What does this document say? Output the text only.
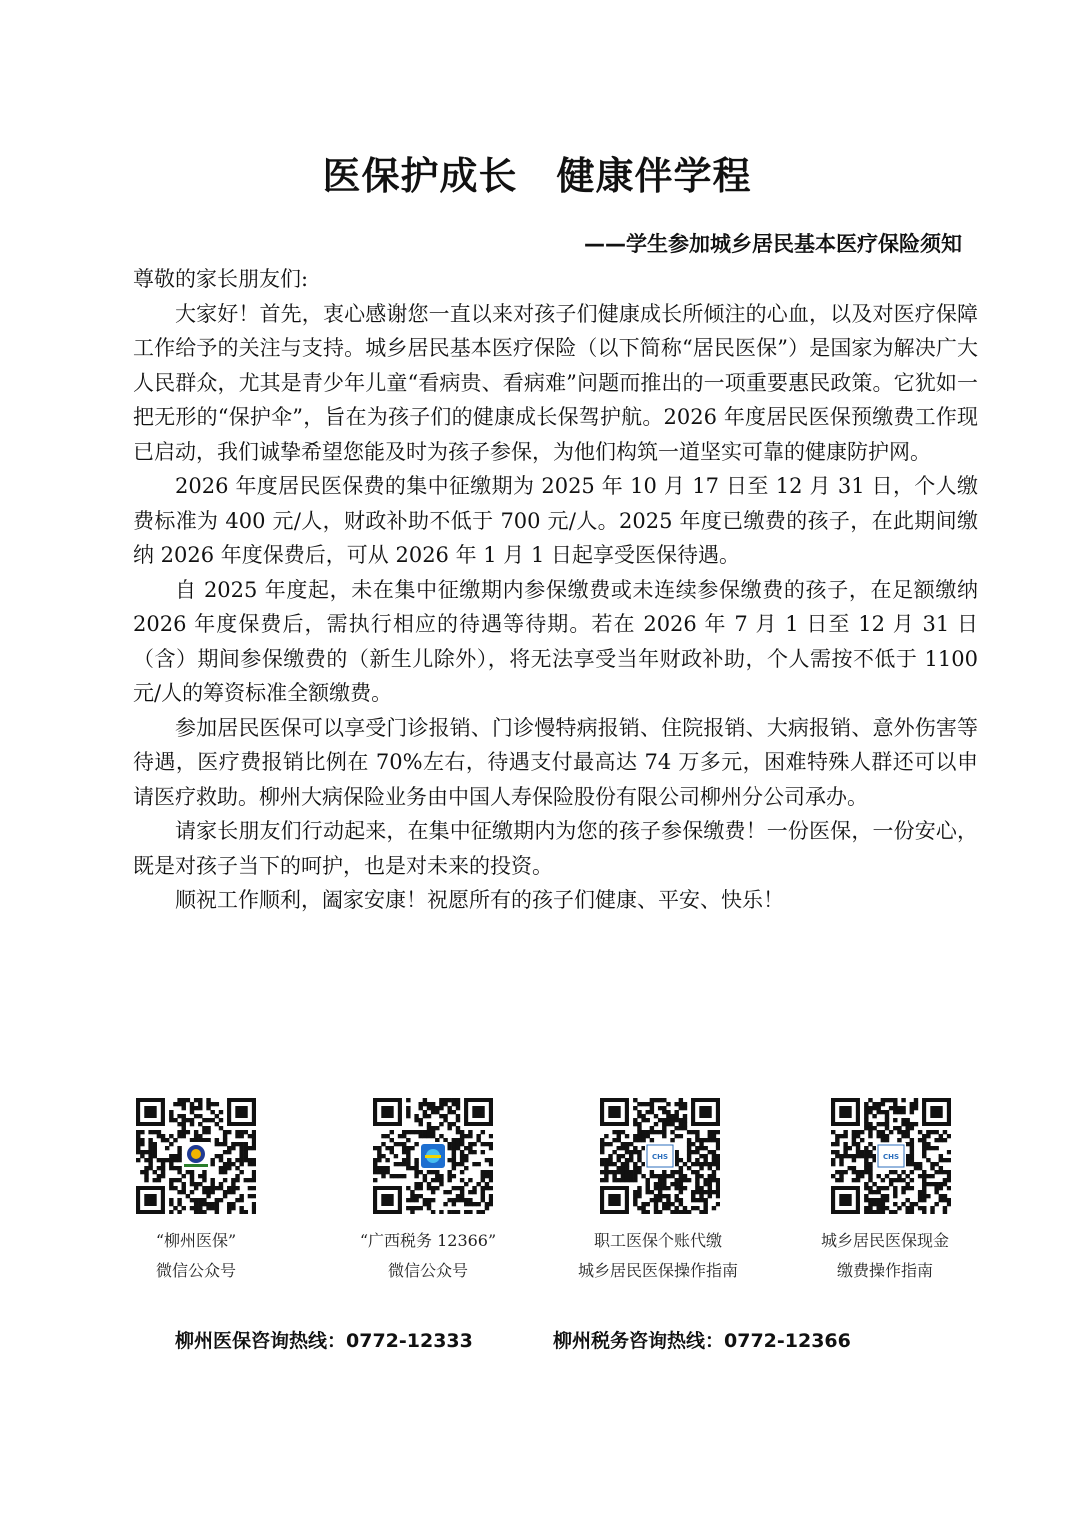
医保护成长　健康伴学程
——学生参加城乡居民基本医疗保险须知

尊敬的家长朋友们:

大家好！首先，衷心感谢您一直以来对孩子们健康成长所倾注的心血，以及对医疗保障工作给予的关注与支持。城乡居民基本医疗保险（以下简称“居民医保”）是国家为解决广大人民群众，尤其是青少年儿童“看病贵、看病难”问题而推出的一项重要惠民政策。它犹如一把无形的“保护伞”，旨在为孩子们的健康成长保驾护航。2026 年度居民医保预缴费工作现已启动，我们诚挚希望您能及时为孩子参保，为他们构筑一道坚实可靠的健康防护网。

2026 年度居民医保费的集中征缴期为 2025 年 10 月 17 日至 12 月 31 日，个人缴费标准为 400 元/人，财政补助不低于 700 元/人。2025 年度已缴费的孩子，在此期间缴纳 2026 年度保费后，可从 2026 年 1 月 1 日起享受医保待遇。

自 2025 年度起，未在集中征缴期内参保缴费或未连续参保缴费的孩子，在足额缴纳 2026 年度保费后，需执行相应的待遇等待期。若在 2026 年 7 月 1 日至 12 月 31 日（含）期间参保缴费的（新生儿除外），将无法享受当年财政补助，个人需按不低于 1100 元/人的筹资标准全额缴费。

参加居民医保可以享受门诊报销、门诊慢特病报销、住院报销、大病报销、意外伤害等待遇，医疗费报销比例在 70%左右，待遇支付最高达 74 万多元，困难特殊人群还可以申请医疗救助。柳州大病保险业务由中国人寿保险股份有限公司柳州分公司承办。

请家长朋友们行动起来，在集中征缴期内为您的孩子参保缴费！一份医保，一份安心，既是对孩子当下的呵护，也是对未来的投资。

顺祝工作顺利，阖家安康！祝愿所有的孩子们健康、平安、快乐！

“柳州医保”
微信公众号
“广西税务 12366”
微信公众号
CHS
职工医保个账代缴
城乡居民医保操作指南
CHS
城乡居民医保现金
缴费操作指南
柳州医保咨询热线：0772-12333	柳州税务咨询热线：0772-12366
